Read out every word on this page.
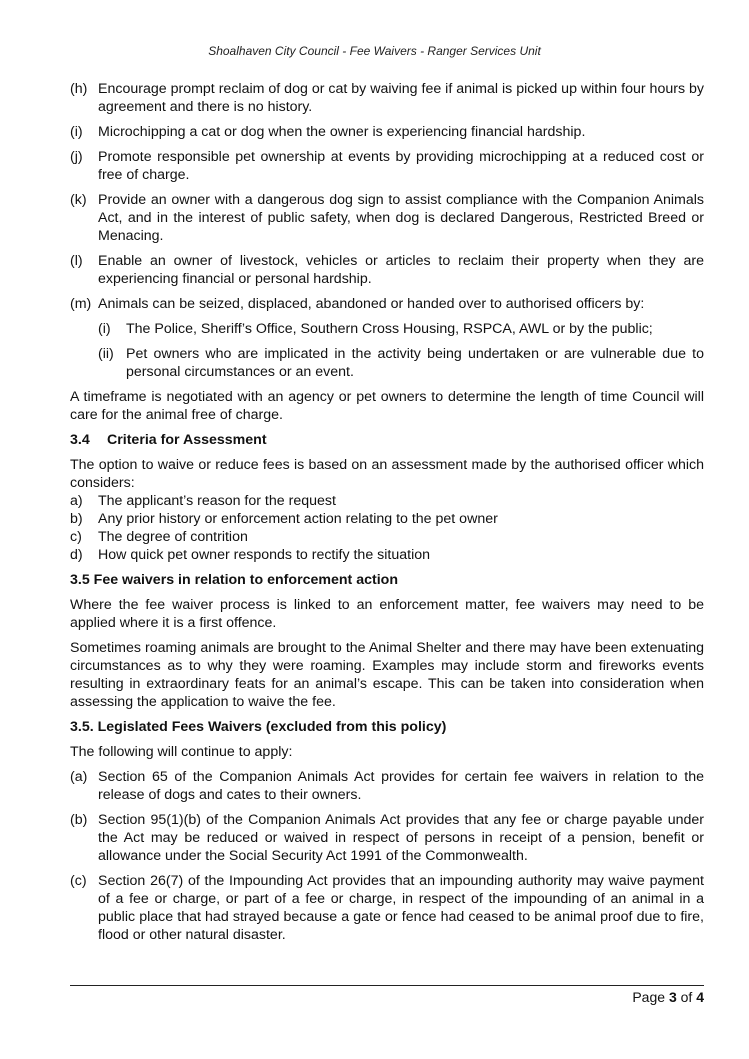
Shoalhaven City Council - Fee Waivers - Ranger Services Unit
(h) Encourage prompt reclaim of dog or cat by waiving fee if animal is picked up within four hours by agreement and there is no history.
(i)	Microchipping a cat or dog when the owner is experiencing financial hardship.
(j)	Promote responsible pet ownership at events by providing microchipping at a reduced cost or free of charge.
(k) Provide an owner with a dangerous dog sign to assist compliance with the Companion Animals Act, and in the interest of public safety, when dog is declared Dangerous, Restricted Breed or Menacing.
(l)	Enable an owner of livestock, vehicles or articles to reclaim their property when they are experiencing financial or personal hardship.
(m) Animals can be seized, displaced, abandoned or handed over to authorised officers by:
(i)	The Police, Sheriff’s Office, Southern Cross Housing, RSPCA, AWL or by the public;
(ii) Pet owners who are implicated in the activity being undertaken or are vulnerable due to personal circumstances or an event.

A timeframe is negotiated with an agency or pet owners to determine the length of time Council will care for the animal free of charge.

3.4 Criteria for Assessment

The option to waive or reduce fees is based on an assessment made by the authorised officer which considers:

a)	The applicant’s reason for the request
b)	Any prior history or enforcement action relating to the pet owner
c)	The degree of contrition
d)	How quick pet owner responds to rectify the situation
3.5 Fee waivers in relation to enforcement action

Where the fee waiver process is linked to an enforcement matter, fee waivers may need to be applied where it is a first offence.

Sometimes roaming animals are brought to the Animal Shelter and there may have been extenuating circumstances as to why they were roaming. Examples may include storm and fireworks events resulting in extraordinary feats for an animal’s escape. This can be taken into consideration when assessing the application to waive the fee.

3.5. Legislated Fees Waivers (excluded from this policy)

The following will continue to apply:

(a) Section 65 of the Companion Animals Act provides for certain fee waivers in relation to the release of dogs and cates to their owners.
(b) Section 95(1)(b) of the Companion Animals Act provides that any fee or charge payable under the Act may be reduced or waived in respect of persons in receipt of a pension, benefit or allowance under the Social Security Act 1991 of the Commonwealth.
(c) Section 26(7) of the Impounding Act provides that an impounding authority may waive payment of a fee or charge, or part of a fee or charge, in respect of the impounding of an animal in a public place that had strayed because a gate or fence had ceased to be animal proof due to fire, flood or other natural disaster.
Page 3 of 4
